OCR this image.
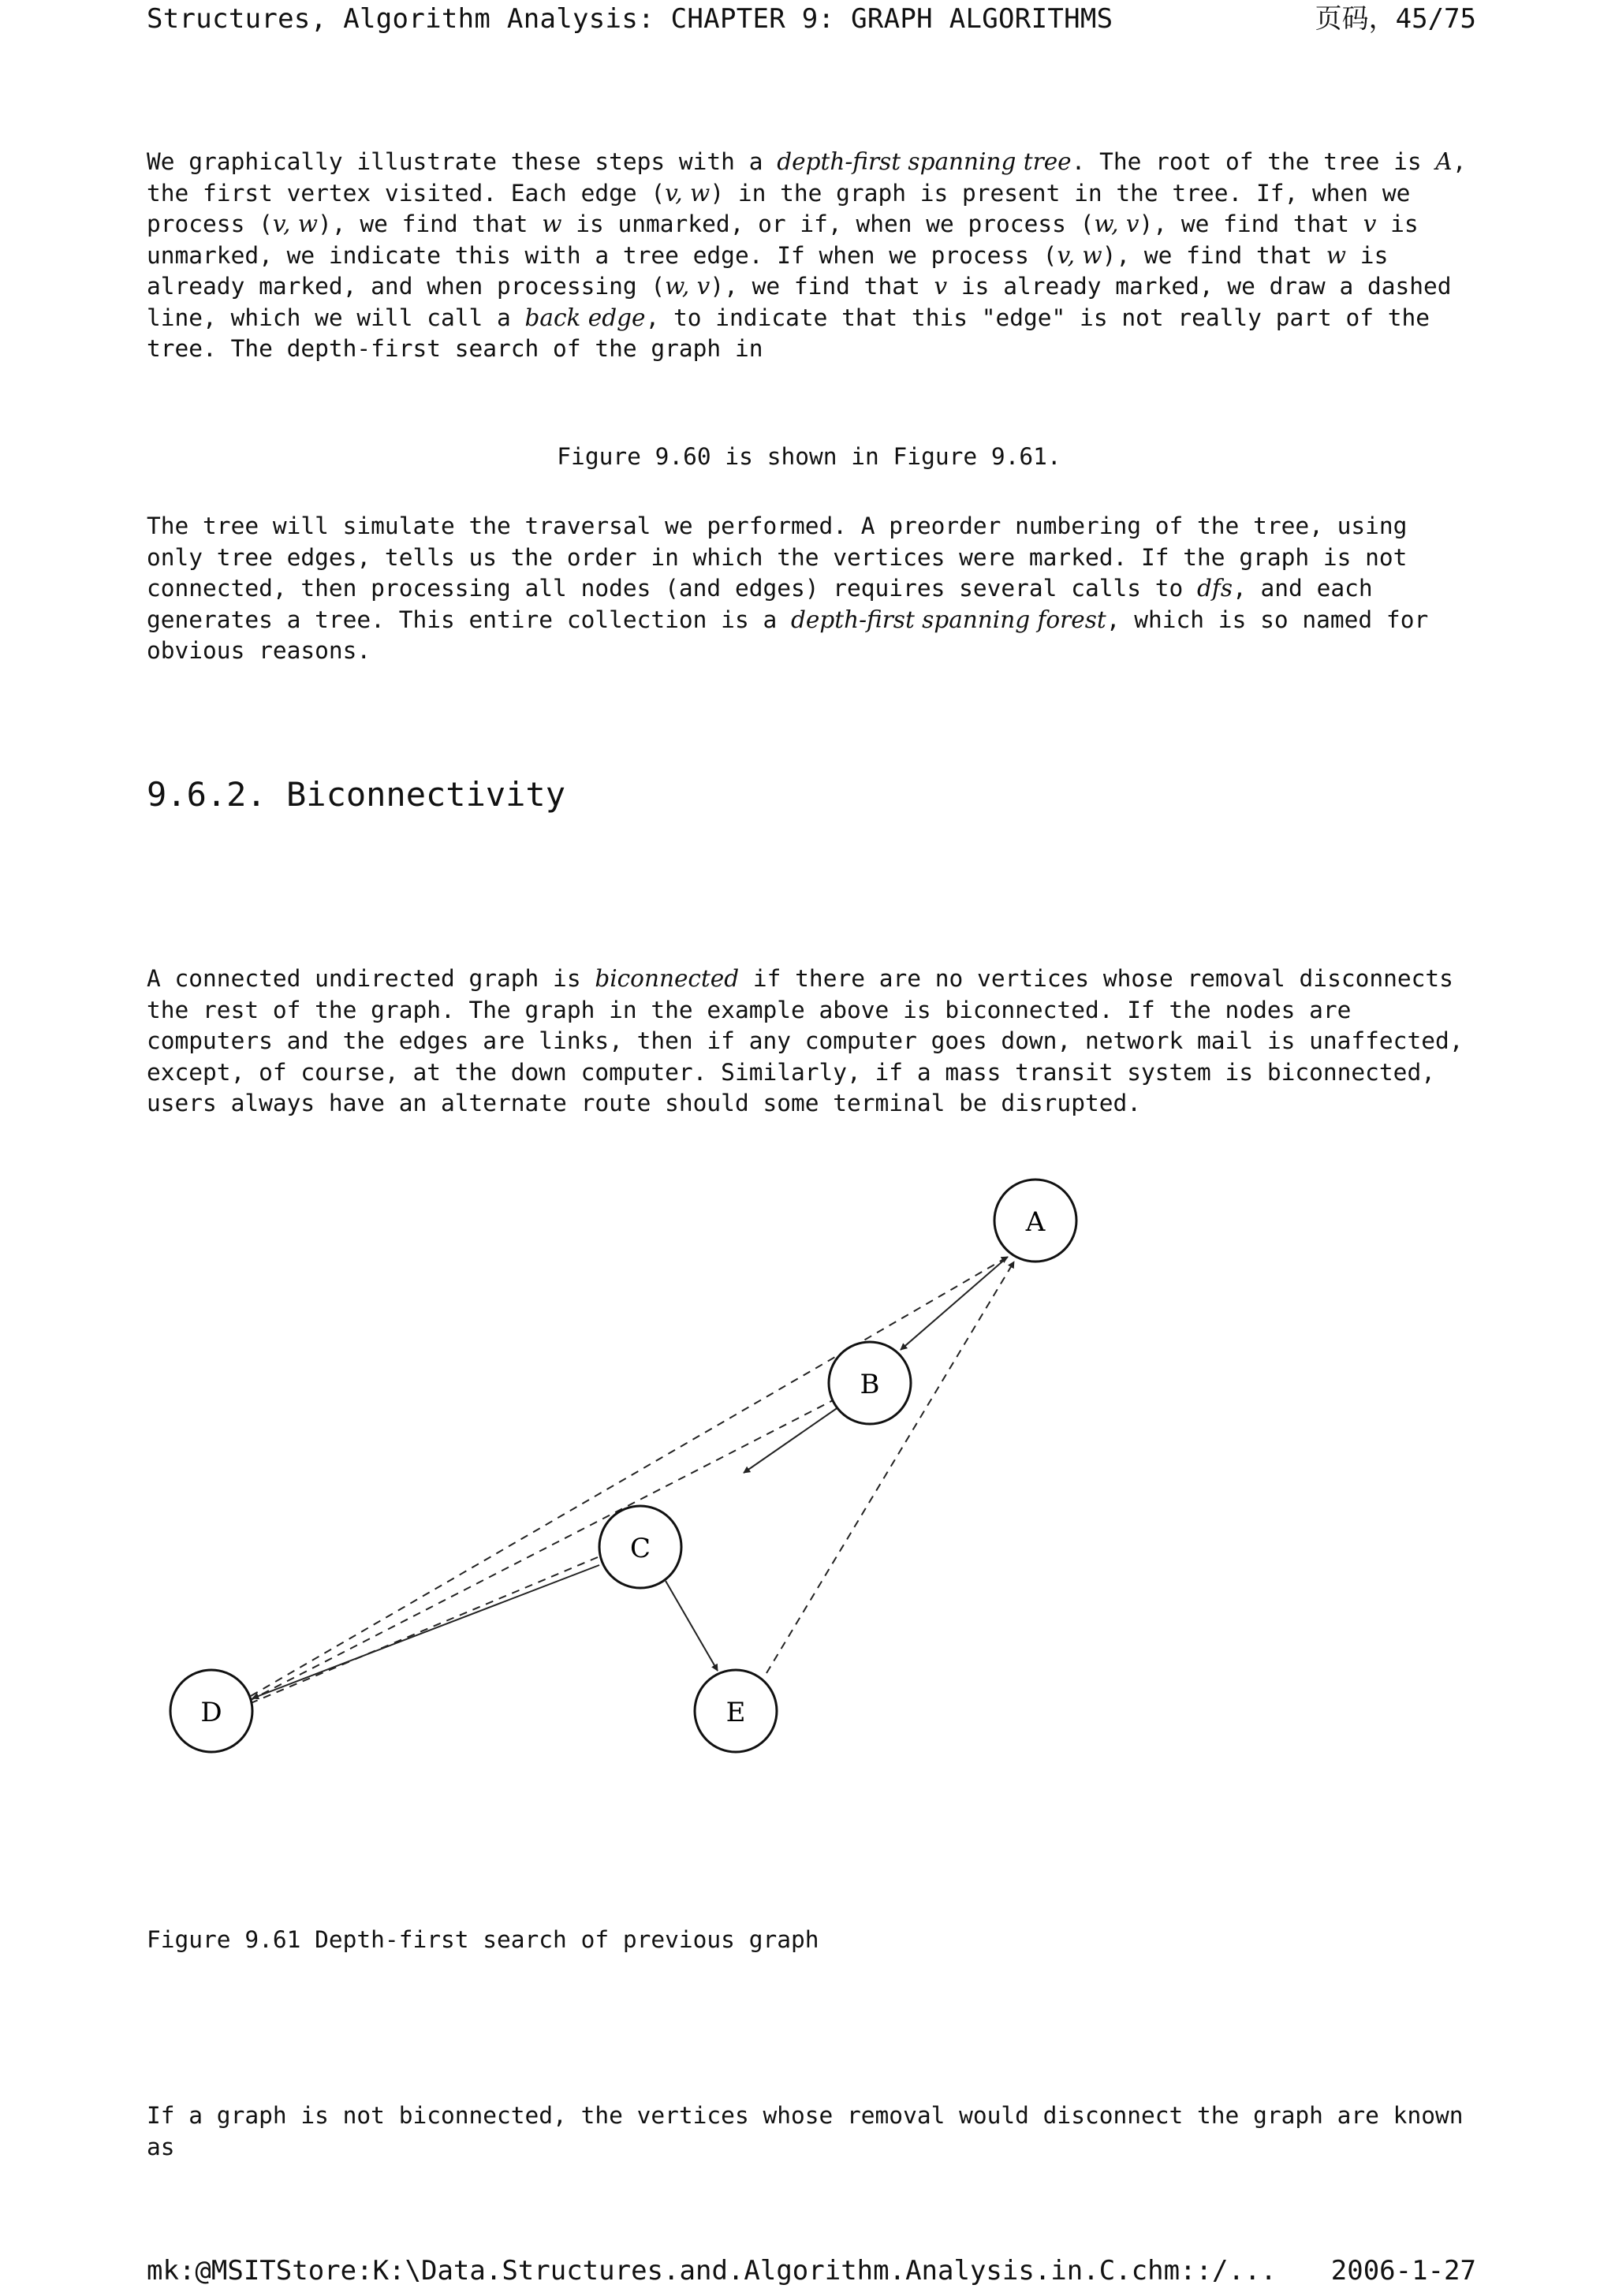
Structures, Algorithm Analysis: CHAPTER 9: GRAPH ALGORITHMS	页码，45/75

We graphically illustrate these steps with a depth-first spanning tree. The root of the tree is A, the first vertex visited. Each edge (v, w) in the graph is present in the tree. If, when we process (v, w), we find that w is unmarked, or if, when we process (w, v), we find that v is unmarked, we indicate this with a tree edge. If when we process (v, w), we find that w is already marked, and when processing (w, v), we find that v is already marked, we draw a dashed line, which we will call a back edge, to indicate that this "edge" is not really part of the tree. The depth-first search of the graph in

Figure 9.60 is shown in Figure 9.61.

The tree will simulate the traversal we performed. A preorder numbering of the tree, using only tree edges, tells us the order in which the vertices were marked. If the graph is not connected, then processing all nodes (and edges) requires several calls to dfs, and each generates a tree. This entire collection is a depth-first spanning forest, which is so named for obvious reasons.

9.6.2. Biconnectivity

A connected undirected graph is biconnected if there are no vertices whose removal disconnects the rest of the graph. The graph in the example above is biconnected. If the nodes are computers and the edges are links, then if any computer goes down, network mail is unaffected, except, of course, at the down computer. Similarly, if a mass transit system is biconnected, users always have an alternate route should some terminal be disrupted.

A
B
C
D	E
Figure 9.61 Depth-first search of previous graph

If a graph is not biconnected, the vertices whose removal would disconnect the graph are known as

mk:@MSITStore:K:\Data.Structures.and.Algorithm.Analysis.in.C.chm::/... 2006-1-27
